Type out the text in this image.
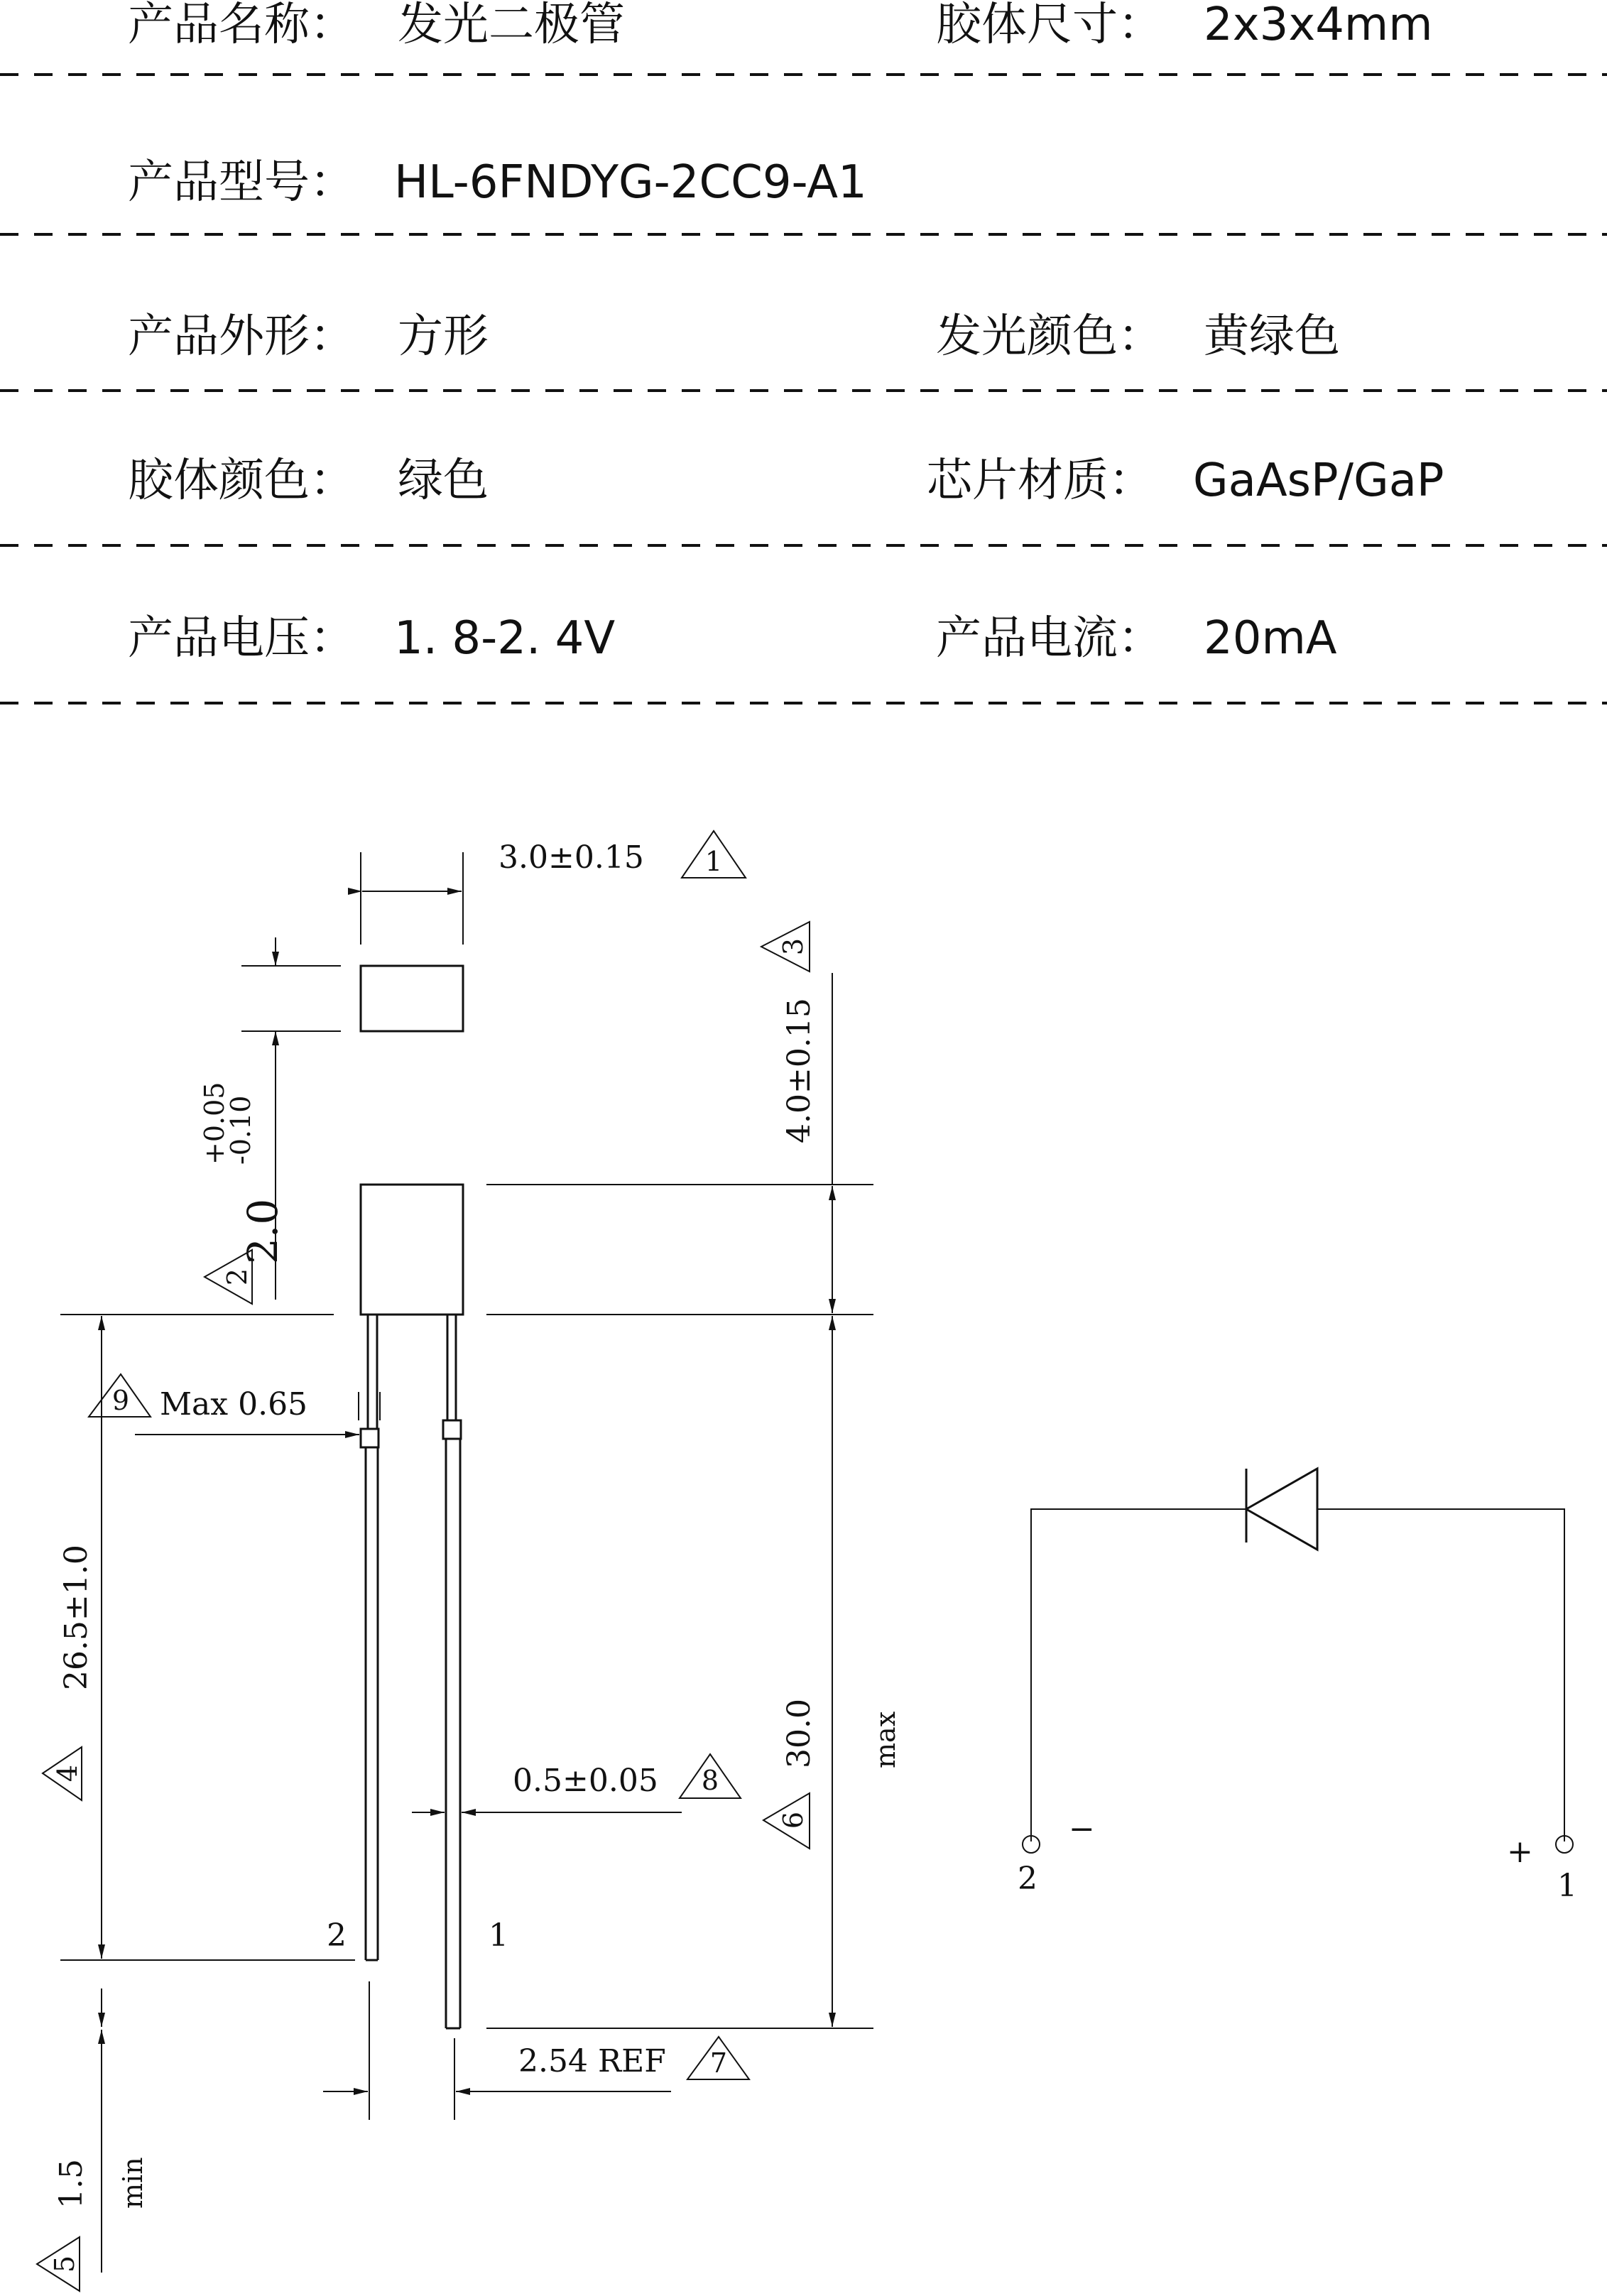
产品名称： 发光二极管	胶体尺寸： 2x3x4mm
产品型号： HL-6FNDYG-2CC9-A1
产品外形： 方形	发光颜色： 黄绿色
胶体颜色： 绿色	芯片材质： GaAsP/GaP
产品电压： 1. 8-2. 4V	产品电流： 20mA
3.0±0.15 1
+0.05
-0.10
2.0
2
Max 0.65
9
4.0±0.15
3
26.5±1.0
4
30.0 max
6
0.5±0.05 8
2	1
2.54 REF 7
1.5 min
5
−
+
2	1
